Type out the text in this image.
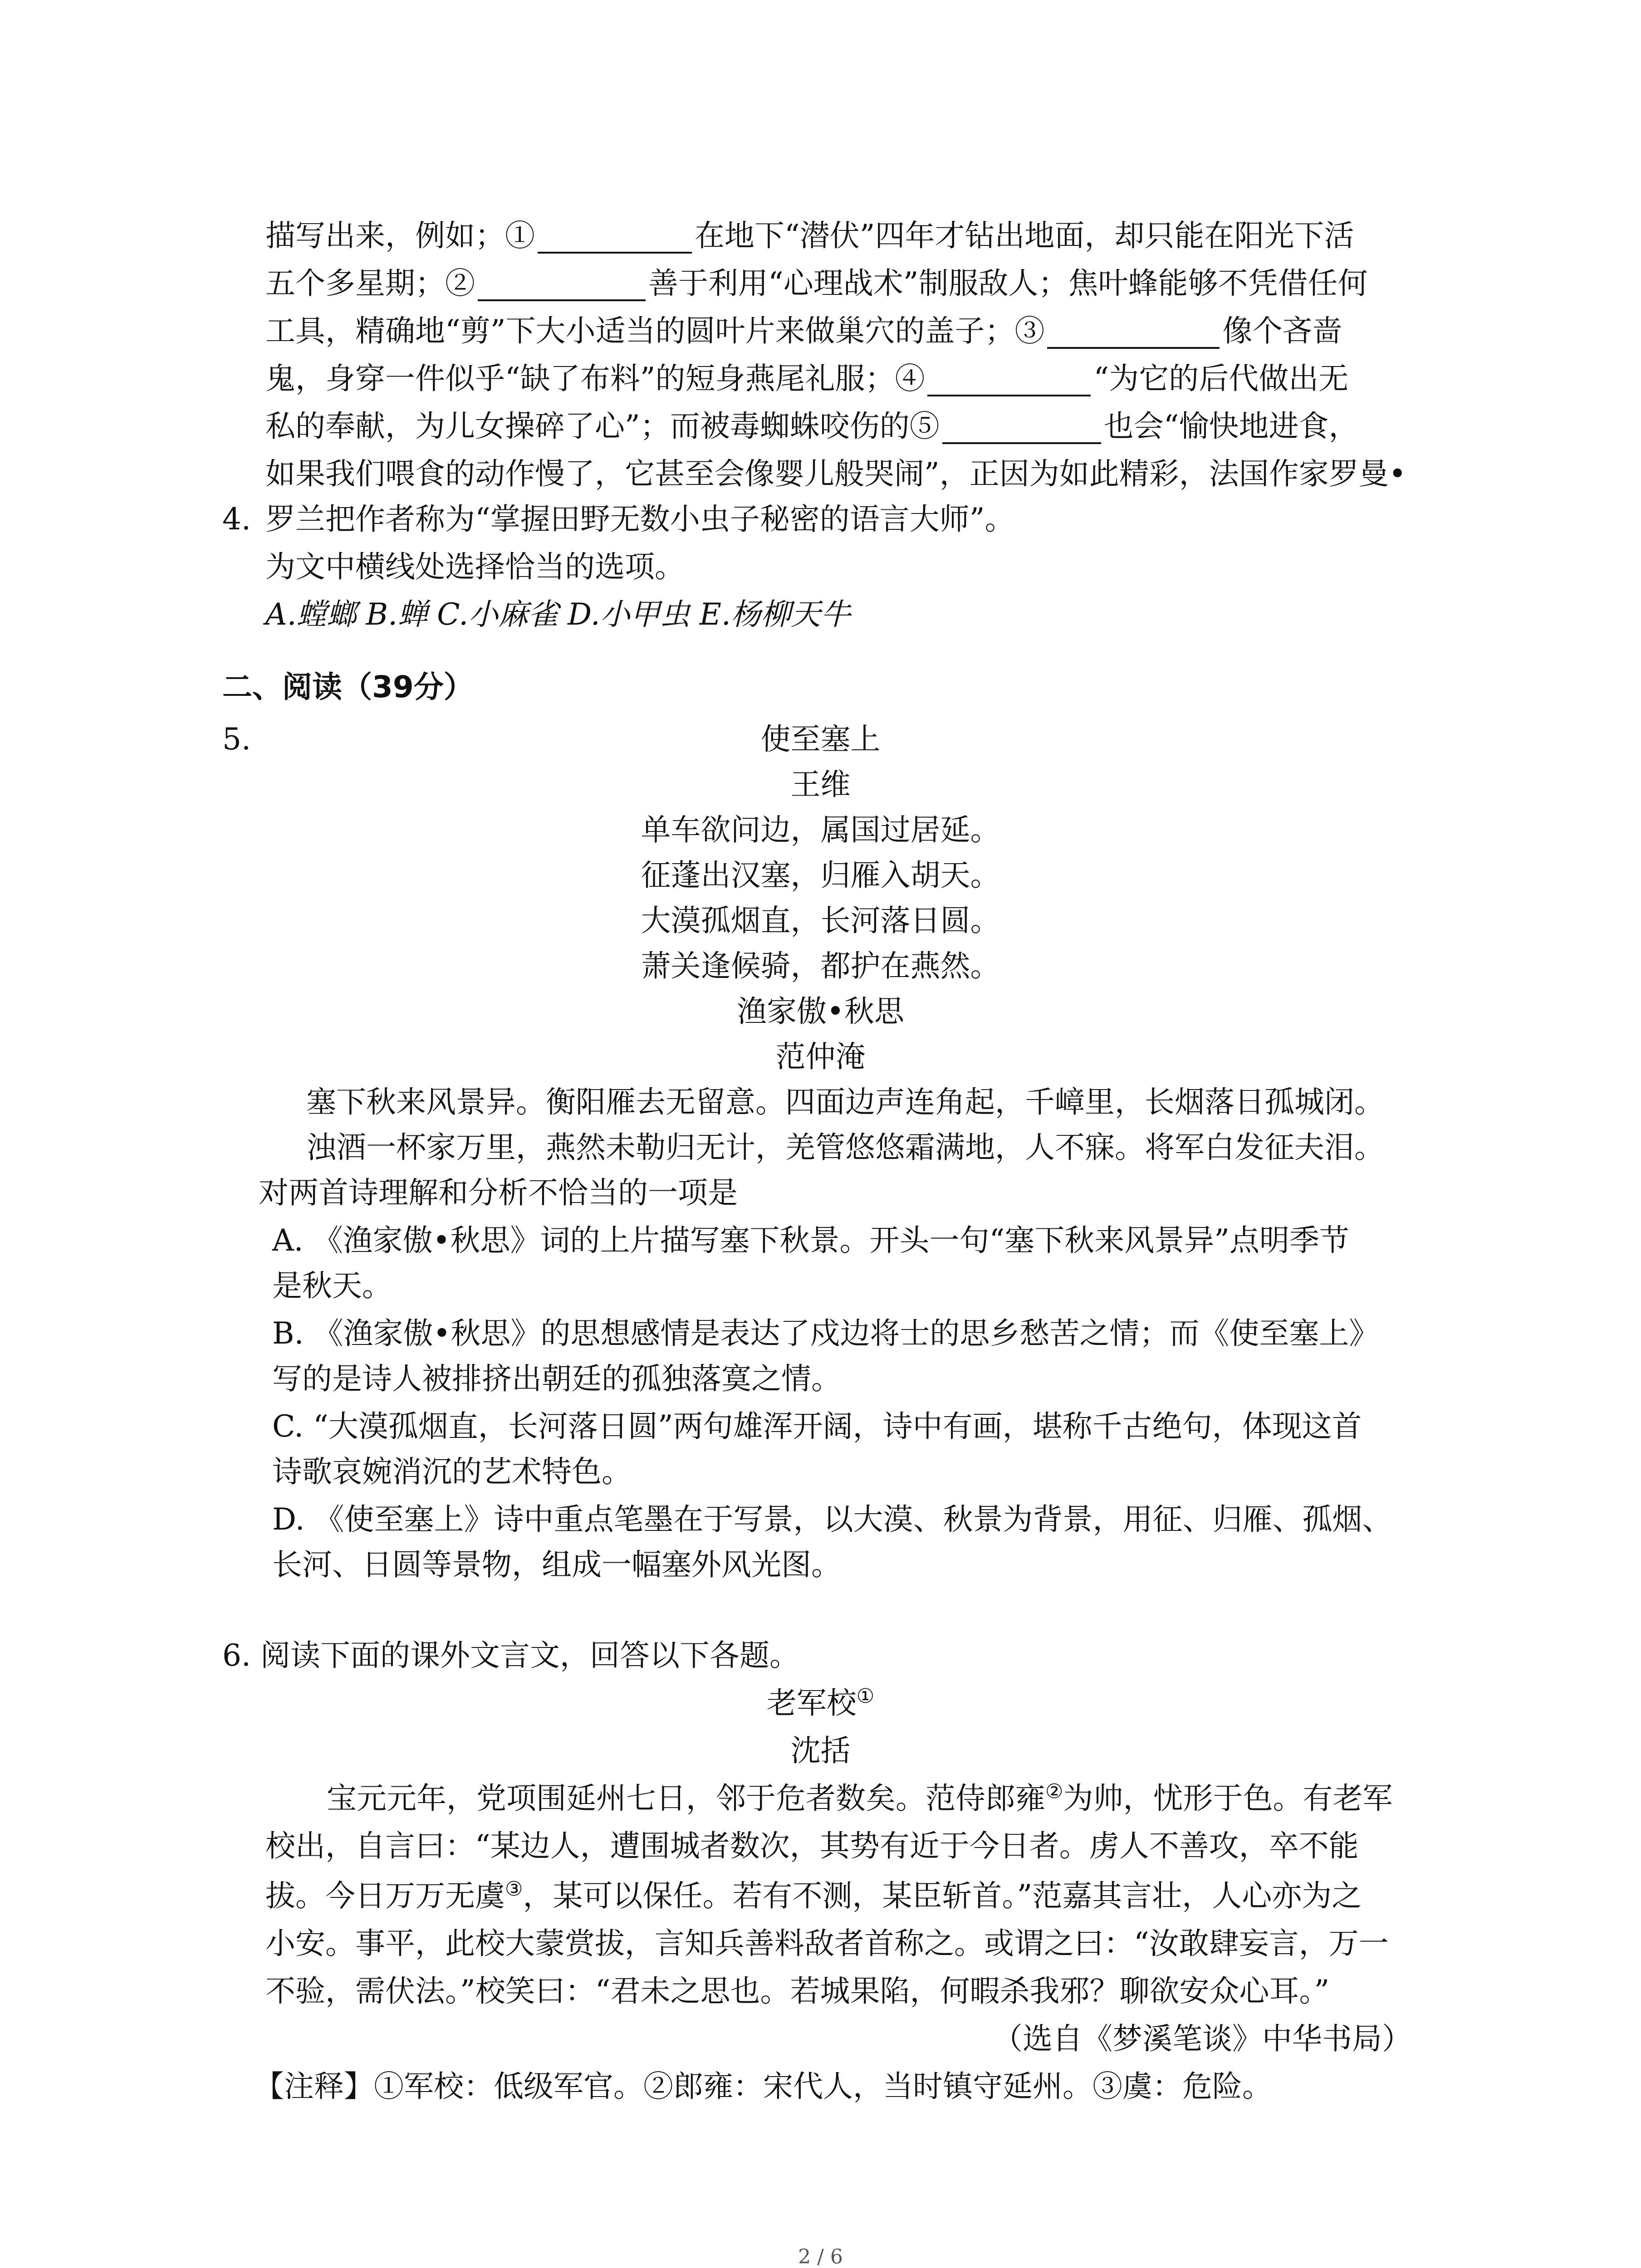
描写出来，例如；①	在地下“潜伏”四年才钻出地面，却只能在阳光下活
五个多星期；②	善于利用“心理战术”制服敌人；焦叶蜂能够不凭借任何
工具，精确地“剪”下大小适当的圆叶片来做巢穴的盖子；③	像个吝啬
鬼，身穿一件似乎“缺了布料”的短身燕尾礼服；④	“为它的后代做出无
私的奉献，为儿女操碎了心”；而被毒蜘蛛咬伤的⑤	也会“愉快地进食，
如果我们喂食的动作慢了，它甚至会像婴儿般哭闹”，正因为如此精彩，法国作家罗曼•
4. 罗兰把作者称为“掌握田野无数小虫子秘密的语言大师”。
为文中横线处选择恰当的选项。
A.螳螂 B.蝉 C.小麻雀 D.小甲虫 E.杨柳天牛
二、阅读（39分）
5.	使至塞上
王维
单车欲问边，属国过居延。
征蓬出汉塞，归雁入胡天。
大漠孤烟直，长河落日圆。
萧关逢候骑，都护在燕然。
渔家傲•秋思
范仲淹
塞下秋来风景异。衡阳雁去无留意。四面边声连角起，千嶂里，长烟落日孤城闭。
浊酒一杯家万里，燕然未勒归无计，羌管悠悠霜满地，人不寐。将军白发征夫泪。
对两首诗理解和分析不恰当的一项是
A. 《渔家傲•秋思》词的上片描写塞下秋景。开头一句“塞下秋来风景异”点明季节
是秋天。
B. 《渔家傲•秋思》的思想感情是表达了戍边将士的思乡愁苦之情；而《使至塞上》
写的是诗人被排挤出朝廷的孤独落寞之情。
C. “大漠孤烟直，长河落日圆”两句雄浑开阔，诗中有画，堪称千古绝句，体现这首
诗歌哀婉消沉的艺术特色。
D. 《使至塞上》诗中重点笔墨在于写景，以大漠、秋景为背景，用征、归雁、孤烟、
长河、日圆等景物，组成一幅塞外风光图。
6. 阅读下面的课外文言文，回答以下各题。
老军校①
沈括
宝元元年，党项围延州七日，邻于危者数矣。范侍郎雍②为帅，忧形于色。有老军
校出，自言曰：“某边人，遭围城者数次，其势有近于今日者。虏人不善攻，卒不能
拔。今日万万无虞③，某可以保任。若有不测，某臣斩首。”范嘉其言壮，人心亦为之
小安。事平，此校大蒙赏拔，言知兵善料敌者首称之。或谓之曰：“汝敢肆妄言，万一
不验，需伏法。”校笑曰：“君未之思也。若城果陷，何暇杀我邪？聊欲安众心耳。”
（选自《梦溪笔谈》中华书局）
【注释】①军校：低级军官。②郎雍：宋代人，当时镇守延州。③虞：危险。
2 / 6
